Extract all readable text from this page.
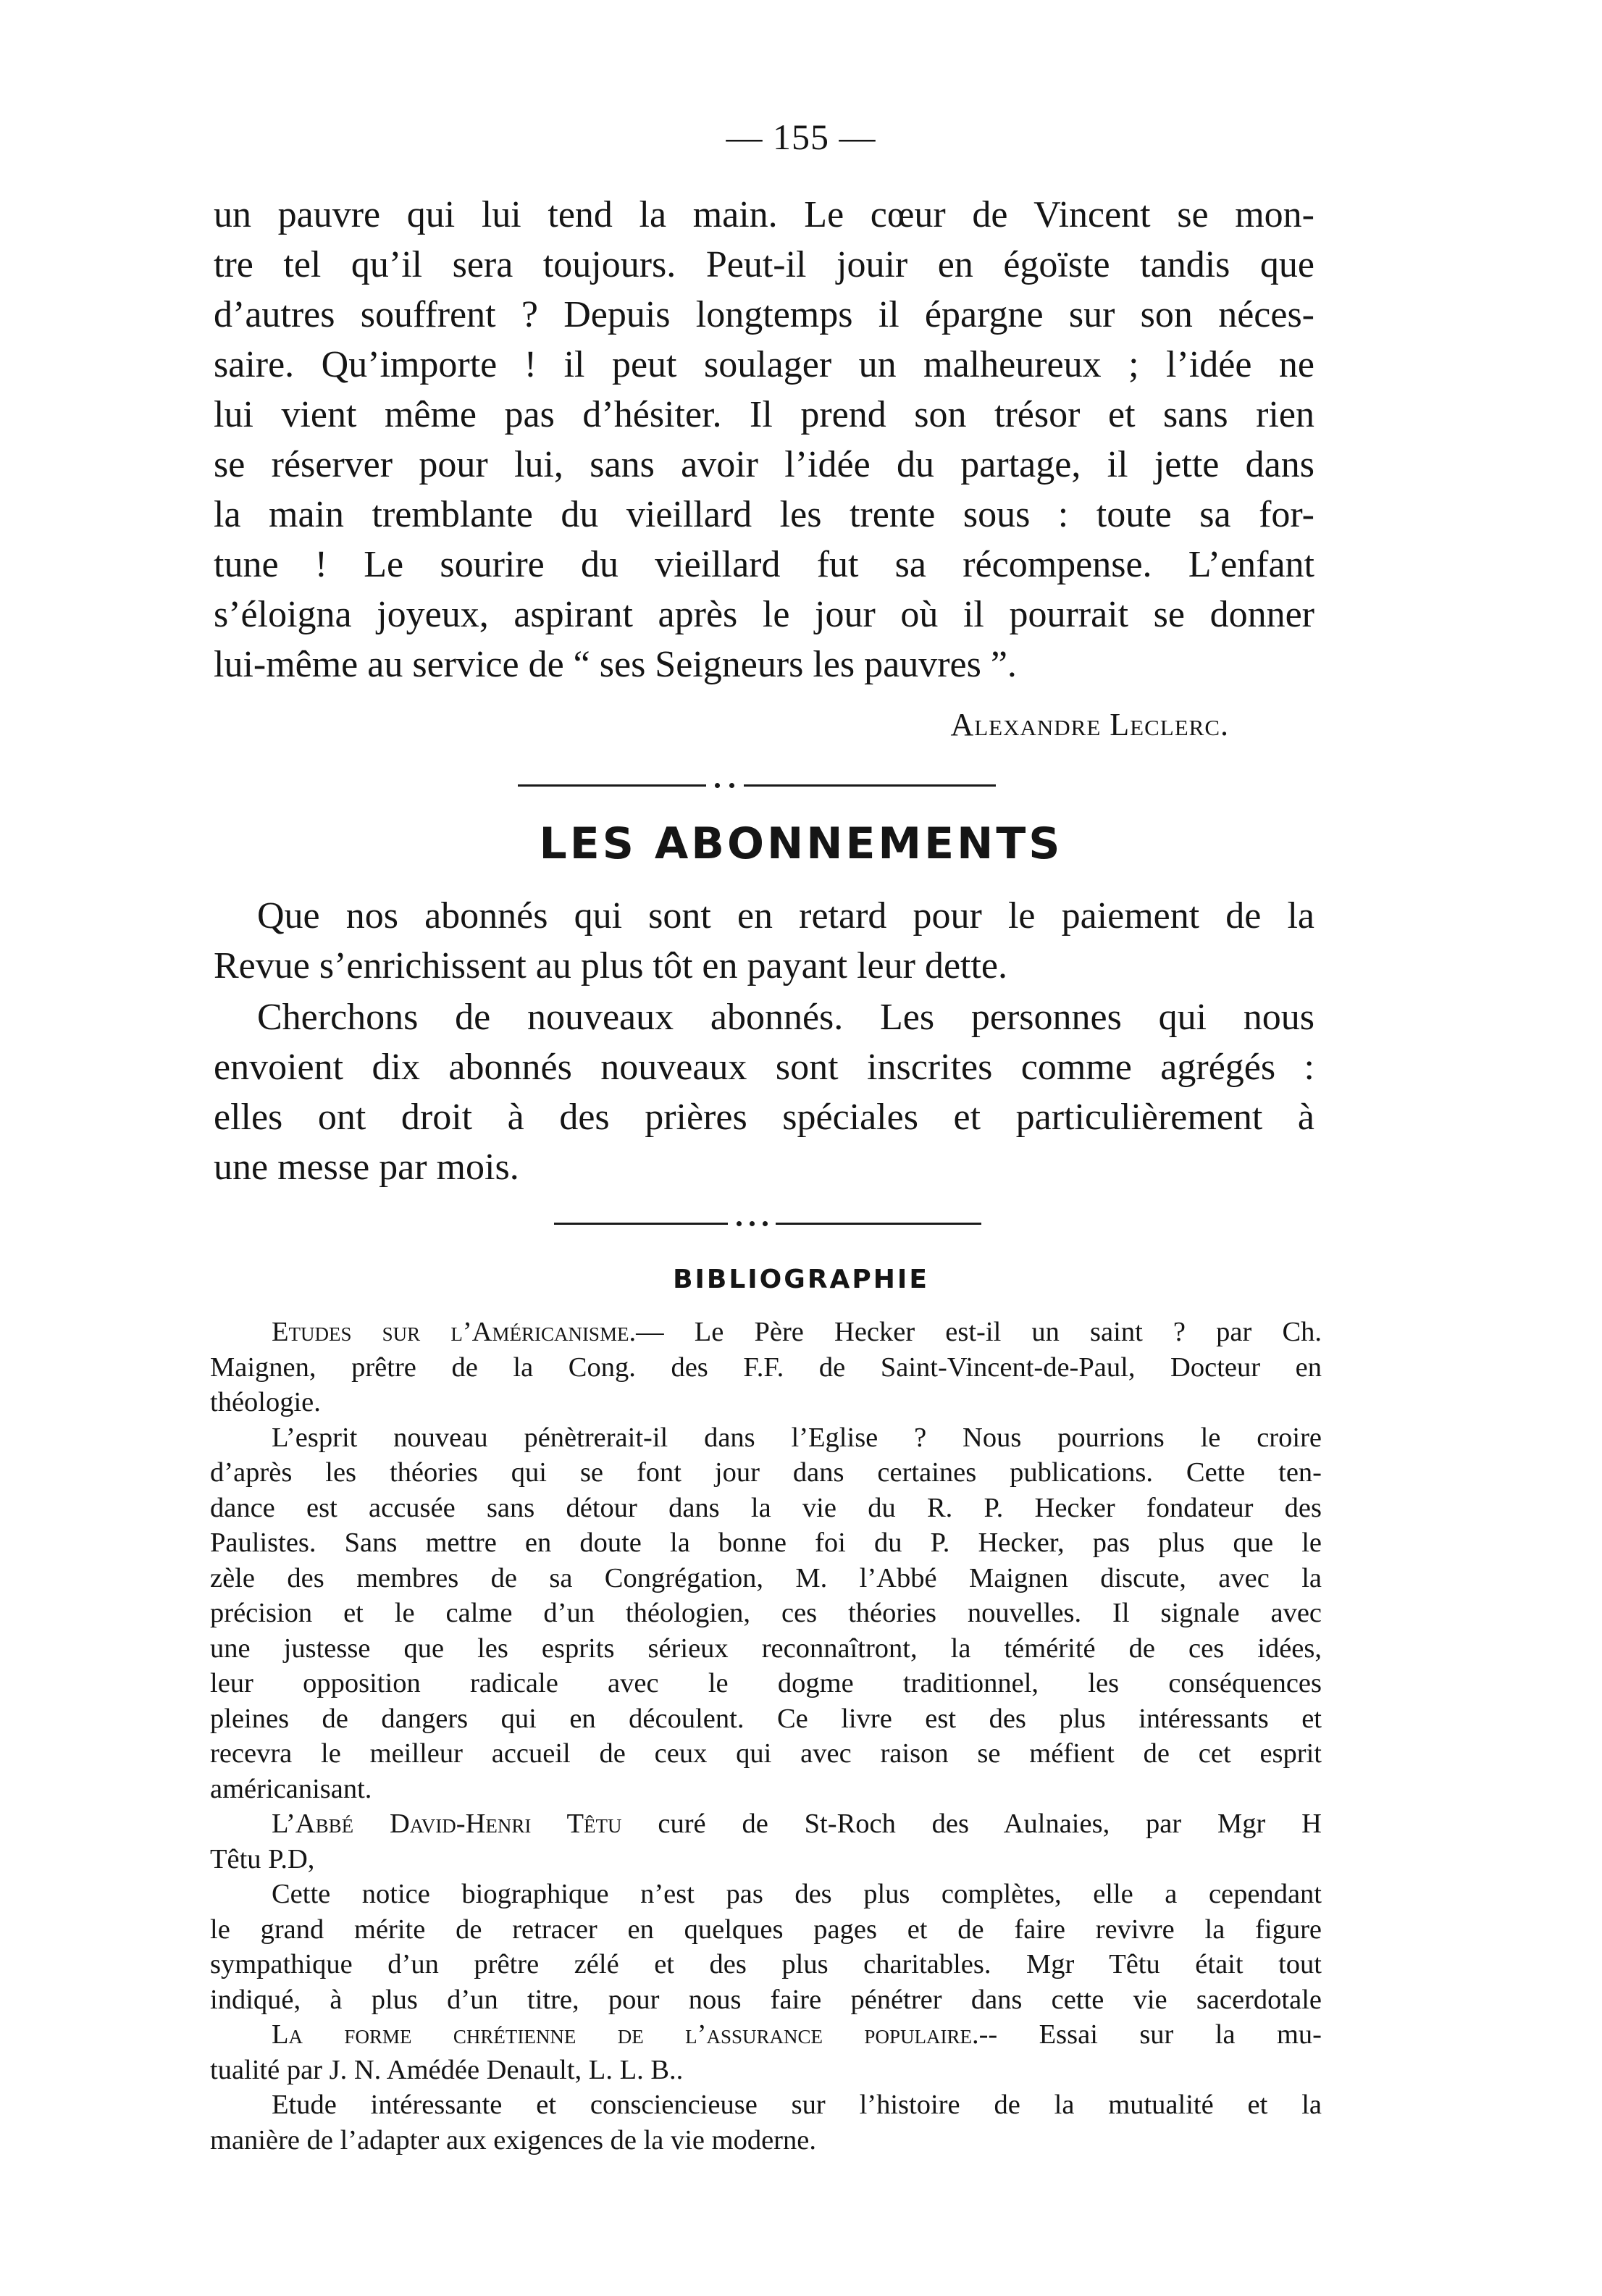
— 155 —

un pauvre qui lui tend la main. Le cœur de Vincent se mon-
tre tel qu’il sera toujours. Peut-il jouir en égoïste tandis que
d’autres souffrent ? Depuis longtemps il épargne sur son néces-
saire. Qu’importe ! il peut soulager un malheureux ; l’idée ne
lui vient même pas d’hésiter. Il prend son trésor et sans rien
se réserver pour lui, sans avoir l’idée du partage, il jette dans
la main tremblante du vieillard les trente sous : toute sa for-
tune ! Le sourire du vieillard fut sa récompense. L’enfant
s’éloigna joyeux, aspirant après le jour où il pourrait se donner
lui-même au service de “ ses Seigneurs les pauvres ”.

Alexandre Leclerc.
LES ABONNEMENTS

Que nos abonnés qui sont en retard pour le paiement de la
Revue s’enrichissent au plus tôt en payant leur dette.

Cherchons de nouveaux abonnés. Les personnes qui nous
envoient dix abonnés nouveaux sont inscrites comme agrégés :
elles ont droit à des prières spéciales et particulièrement à
une messe par mois.

BIBLIOGRAPHIE
Etudes sur l’Américanisme.— Le Père Hecker est-il un saint ? par Ch.
Maignen, prêtre de la Cong. des F.F. de Saint-Vincent-de-Paul, Docteur en
théologie.
L’esprit nouveau pénètrerait-il dans l’Eglise ? Nous pourrions le croire
d’après les théories qui se font jour dans certaines publications. Cette ten-
dance est accusée sans détour dans la vie du R. P. Hecker fondateur des
Paulistes. Sans mettre en doute la bonne foi du P. Hecker, pas plus que le
zèle des membres de sa Congrégation, M. l’Abbé Maignen discute, avec la
précision et le calme d’un théologien, ces théories nouvelles. Il signale avec
une justesse que les esprits sérieux reconnaîtront, la témérité de ces idées,
leur opposition radicale avec le dogme traditionnel, les conséquences
pleines de dangers qui en découlent. Ce livre est des plus intéressants et
recevra le meilleur accueil de ceux qui avec raison se méfient de cet esprit
américanisant.
L’Abbé David-Henri Têtu curé de St-Roch des Aulnaies, par Mgr H
Têtu P.D,
Cette notice biographique n’est pas des plus complètes, elle a cependant
le grand mérite de retracer en quelques pages et de faire revivre la figure
sympathique d’un prêtre zélé et des plus charitables. Mgr Têtu était tout
indiqué, à plus d’un titre, pour nous faire pénétrer dans cette vie sacerdotale
La forme chrétienne de l’assurance populaire.-- Essai sur la mu-
tualité par J. N. Amédée Denault, L. L. B..
Etude intéressante et consciencieuse sur l’histoire de la mutualité et la
manière de l’adapter aux exigences de la vie moderne.
